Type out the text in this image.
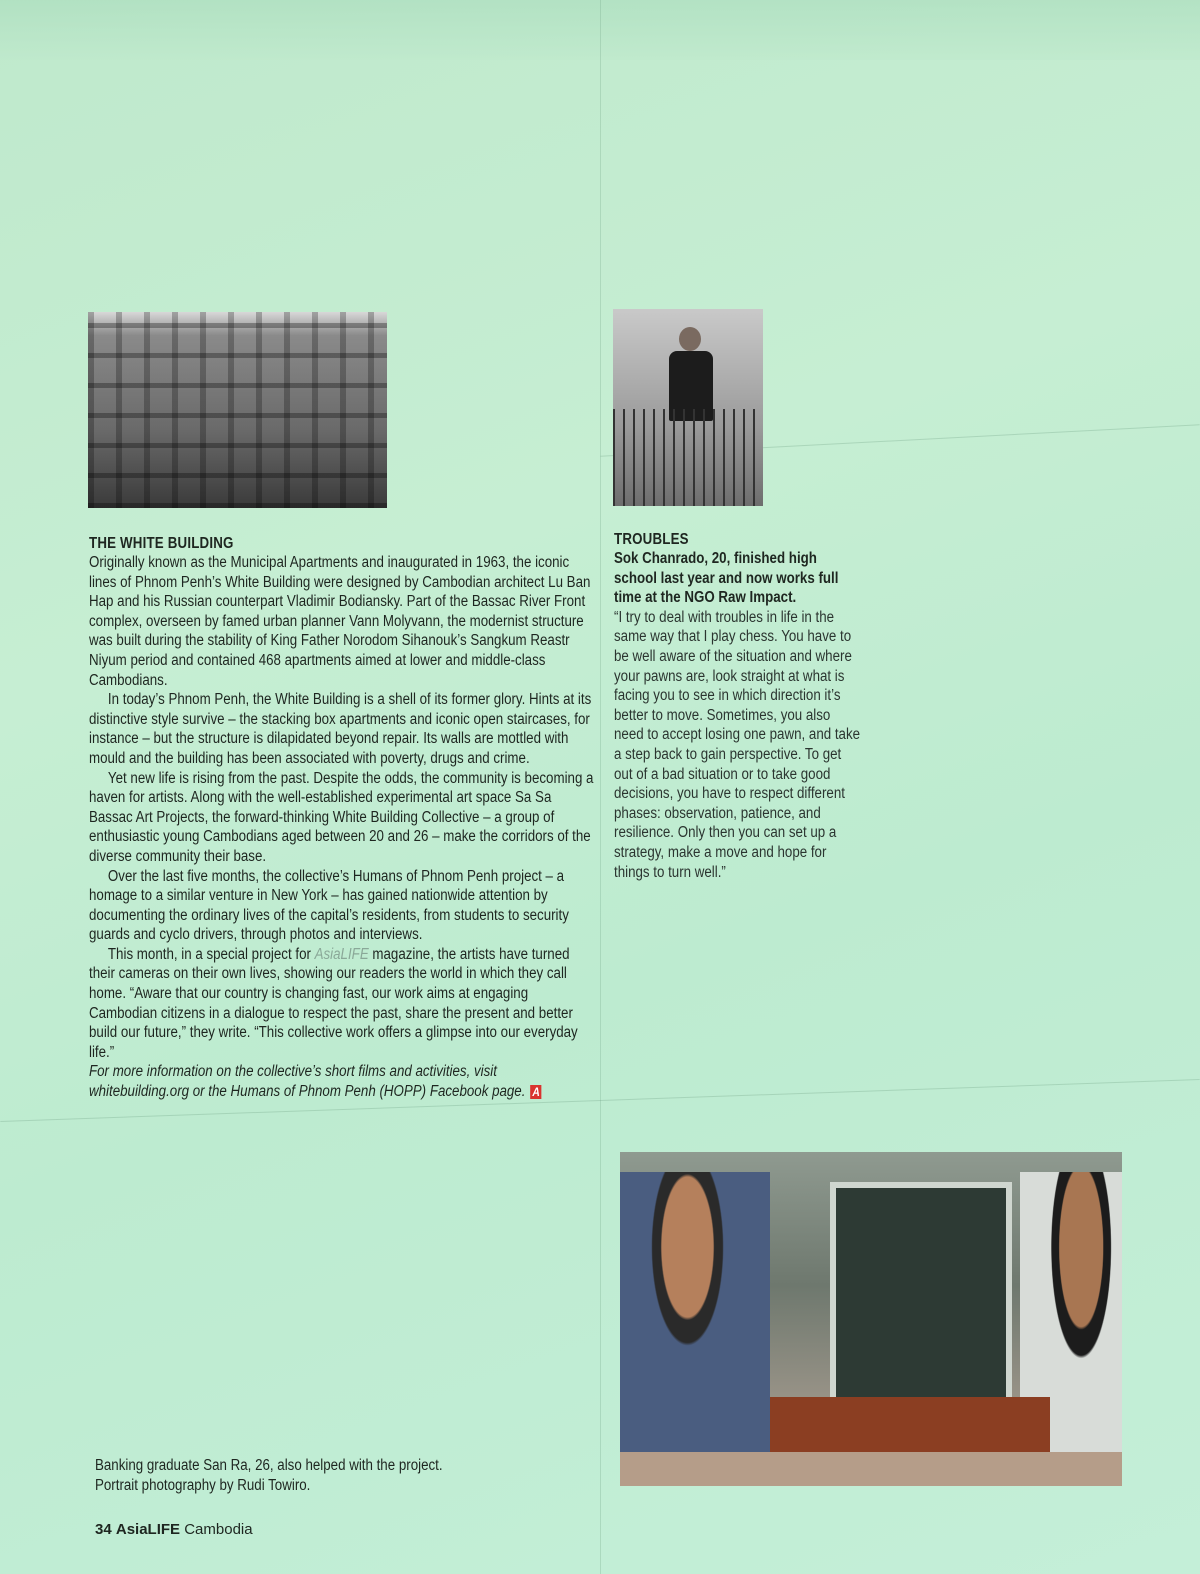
THE WHITE BUILDING

Originally known as the Municipal Apartments and inaugurated in 1963, the iconic lines of Phnom Penh’s White Building were designed by Cambodian architect Lu Ban Hap and his Russian counterpart Vladimir Bodiansky. Part of the Bassac River Front complex, overseen by famed urban planner Vann Molyvann, the modernist structure was built during the stability of King Father Norodom Sihanouk’s Sangkum Reastr Niyum period and contained 468 apartments aimed at lower and middle-class Cambodians.

In today’s Phnom Penh, the White Building is a shell of its former glory. Hints at its distinctive style survive – the stacking box apartments and iconic open staircases, for instance – but the structure is dilapidated beyond repair. Its walls are mottled with mould and the building has been associated with poverty, drugs and crime.

Yet new life is rising from the past. Despite the odds, the community is becoming a haven for artists. Along with the well-established experimental art space Sa Sa Bassac Art Projects, the forward-thinking White Building Collective – a group of enthusiastic young Cambodians aged between 20 and 26 – make the corridors of the diverse community their base.

Over the last five months, the collective’s Humans of Phnom Penh project – a homage to a similar venture in New York – has gained nationwide attention by documenting the ordinary lives of the capital’s residents, from students to security guards and cyclo drivers, through photos and interviews.

This month, in a special project for AsiaLIFE magazine, the artists have turned their cameras on their own lives, showing our readers the world in which they call home. “Aware that our country is changing fast, our work aims at engaging Cambodian citizens in a dialogue to respect the past, share the present and better build our future,” they write. “This collective work offers a glimpse into our everyday life.”

For more information on the collective’s short films and activities, visit whitebuilding.org or the Humans of Phnom Penh (HOPP) Facebook page. A

TROUBLES

Sok Chanrado, 20, finished high school last year and now works full time at the NGO Raw Impact.

“I try to deal with troubles in life in the same way that I play chess. You have to be well aware of the situation and where your pawns are, look straight at what is facing you to see in which direction it’s better to move. Sometimes, you also need to accept losing one pawn, and take a step back to gain perspective. To get out of a bad situation or to take good decisions, you have to respect different phases: observation, patience, and resilience. Only then you can set up a strategy, make a move and hope for things to turn well.”

Banking graduate San Ra, 26, also helped with the project.

Portrait photography by Rudi Towiro.

34 AsiaLIFE Cambodia
